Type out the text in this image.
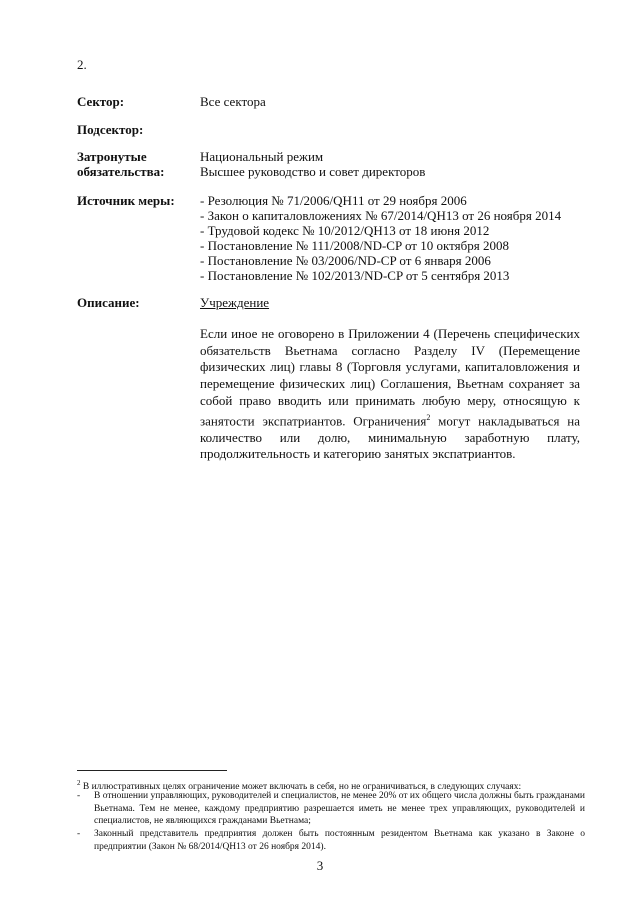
2.
Сектор:	Все сектора
Подсектор:
Затронутые
обязательства:
Национальный режим
Высшее руководство и совет директоров
Источник меры:	- Резолюция № 71/2006/QH11 от 29 ноября 2006
- Закон о капиталовложениях № 67/2014/QH13 от 26 ноября 2014
- Трудовой кодекс № 10/2012/QH13 от 18 июня 2012
- Постановление № 111/2008/ND-CP от 10 октября 2008
- Постановление № 03/2006/ND-CP от 6 января 2006
- Постановление № 102/2013/ND-CP от 5 сентября 2013
Описание:	Учреждение
Если иное не оговорено в Приложении 4 (Перечень специфических обязательств Вьетнама согласно Разделу IV (Перемещение физических лиц) главы 8 (Торговля услугами, капиталовложения и перемещение физических лиц) Соглашения, Вьетнам сохраняет за собой право вводить или принимать любую меру, относящую к занятости экспатриантов. Ограничения$^2$ могут накладываться на количество или долю, минимальную заработную плату, продолжительность и категорию занятых экспатриантов.
$^2$ В иллюстративных целях ограничение может включать в себя, но не ограничиваться, в следующих случаях:
- В отношении управляющих, руководителей и специалистов, не менее 20% от их общего числа должны быть гражданами Вьетнама. Тем не менее, каждому предприятию разрешается иметь не менее трех управляющих, руководителей и специалистов, не являющихся гражданами Вьетнама;
- Законный представитель предприятия должен быть постоянным резидентом Вьетнама как указано в Законе о предприятии (Закон № 68/2014/QH13 от 26 ноября 2014).
3
